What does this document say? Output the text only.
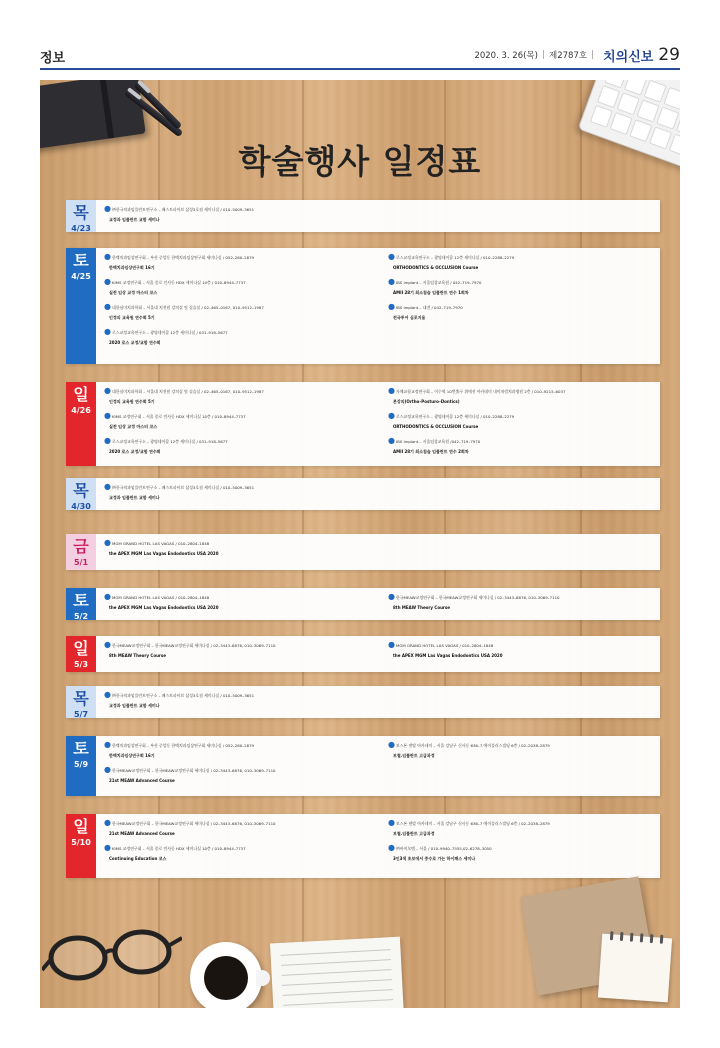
정보	2020. 3. 26(목) | 제2787호 | 치의신보 29
학술행사 일정표
목
4/23
●㈜한국치과임플란트연구소 – 패스트파이브 삼성3호점 세미나실 / 010–5009–3651
교정과 임플란트 교합 세미나
토
4/25
●한맥치과임상연구회 – 부산 중앙동 한맥치과임상연구회 세미나실 / 052–260–2879
한맥치과임상연구회 16기
●KIMS 교정연구회 – 서울 종로 인사동 HDX 세미나실 10층 / 010–8944–7737
실전 임상 교정 마스터 코스
●대한심미치과학회 – 서울대 치전원 강의실 및 실습실 / 02–465–0167, 010–9512–1987
인정의 교육원 연수회 5기
●로스교정교육연구소 – 광명데이콤 12층 세미나실 / 031–918–5677
2020 로스 교정/교합 연수회
●로스교정교육연구소 – 광명데이콤 12층 세미나실 / 010–2288–2279
ORTHODONTICS & OCCLUSION Course
●IBS Implant – 서울임상교육원 / 042–719–7970
AMII 28기 최소침습 임플란트 연수 1회차
●IBS Implant – 대전 / 042–719–7970
전국투어 심포지움
일
4/26
●대한심미치과학회 – 서울대 치전원 강의실 및 실습실 / 02–465–0167, 010–9512–1987
인정의 교육원 연수회 5기
●KIMS 교정연구회 – 서울 종로 인사동 HDX 세미나실 10층 / 010–8944–7737
실전 임상 교정 마스터 코스
●로스교정교육연구소 – 광명데이콤 12층 세미나실 / 031–918–5677
2020 로스 교정/교합 연수회
●자체교합교정연구회 – 이수역 10번출구 위메진 아카데미 내이처럼치과병원 2층 / 010–9215–6037
본강의(Ortho–Posturo–Dontics)
●로스교정교육연구소 – 광명데이콤 12층 세미나실 / 010–2288–2279
ORTHODONTICS & OCCLUSION Course
●IBS Implant – 서울임상교육원 /042–719–7970
AMII 28기 최소침습 임플란트 연수 2회차
목
4/30
●㈜한국치과임플란트연구소 – 패스트파이브 삼성3호점 세미나실 / 010–5009–3651
교정과 임플란트 교합 세미나
금
5/1
●MGM GRAND HOTEL LAS VAGAS / 010–2804–1848
the APEX MGM Las Vagas Endodontics USA 2020
토
5/2
●MGM GRAND HOTEL LAS VAGAS / 010–2804–1848
the APEX MGM Las Vagas Endodontics USA 2020
●한국MEAW교정연구회 – 한국MEAW교정연구회 세미나실 / 02–3443–6876, 010–3069–7110
8th MEAW Theory Course
일
5/3
●한국MEAW교정연구회 – 한국MEAW교정연구회 세미나실 / 02–3443–6876, 010–3069–7110
8th MEAW Theory Course
●MGM GRAND HOTEL LAS VAGAS / 010–2804–1848
the APEX MGM Las Vagas Endodontics USA 2020
목
5/7
●㈜한국치과임플란트연구소 – 패스트파이브 삼성3호점 세미나실 / 010–5009–3651
교정과 임플란트 교합 세미나
토
5/9
●한맥치과임상연구회 – 부산 중앙동 한맥치과임상연구회 세미나실 / 052–260–2879
한맥치과임상연구회 16기
●한국MEAW교정연구회 – 한국MEAW교정연구회 세미나실 / 02–3443–6876, 010–3069–7110
21st MEAW Advanced Course
●보스톤 덴탈 아카데미 – 서울 강남구 신사동 636–7 에이플러스빌딩 6층 / 02–2038–2879
보철.임플란트 고급과정
일
5/10
●한국MEAW교정연구회 – 한국MEAW교정연구회 세미나실 / 02–3443–6876, 010–3069–7110
21st MEAW Advanced Course
●KIMS 교정연구회 – 서울 종로 인사동 HDX 세미나실 10층 / 010–8944–7737
Continuing Education 코스
●보스톤 덴탈 아카데미 – 서울 강남구 신사동 636–7 에이플러스빌딩 6층 / 02–2038–2879
보철.임플란트 고급과정
●㈜바이오템 – 서울 / 010–9940–7555,02–6278–3050
3인3색 초보에서 중수로 가는 하이패스 세미나
